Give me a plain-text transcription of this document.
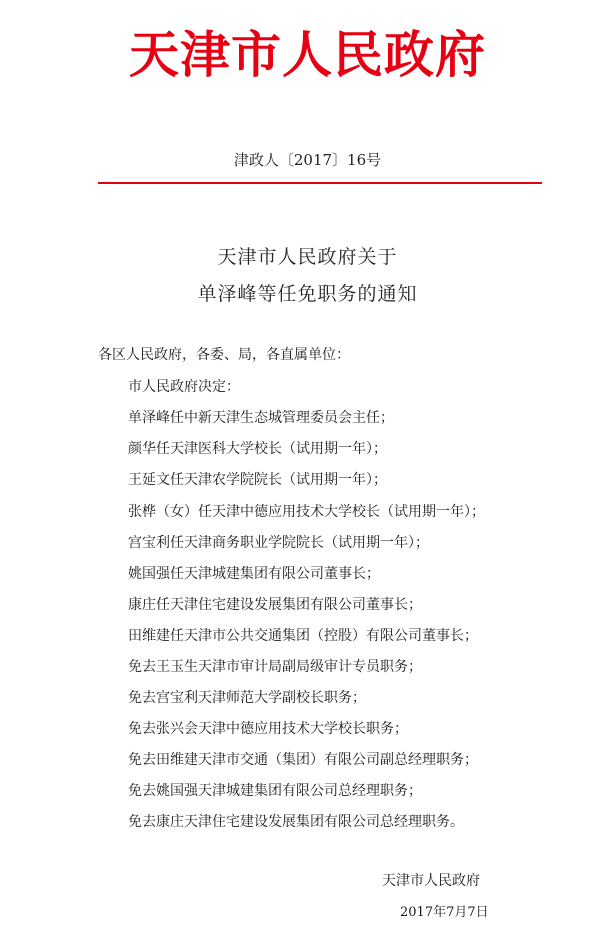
天津市人民政府
津政人〔2017〕16号
天津市人民政府关于
单泽峰等任免职务的通知
各区人民政府，各委、局，各直属单位：
市人民政府决定：
单泽峰任中新天津生态城管理委员会主任；
颜华任天津医科大学校长（试用期一年）；
王延文任天津农学院院长（试用期一年）；
张桦（女）任天津中德应用技术大学校长（试用期一年）；
宫宝利任天津商务职业学院院长（试用期一年）；
姚国强任天津城建集团有限公司董事长；
康庄任天津住宅建设发展集团有限公司董事长；
田维建任天津市公共交通集团（控股）有限公司董事长；
免去王玉生天津市审计局副局级审计专员职务；
免去宫宝利天津师范大学副校长职务；
免去张兴会天津中德应用技术大学校长职务；
免去田维建天津市交通（集团）有限公司副总经理职务；
免去姚国强天津城建集团有限公司总经理职务；
免去康庄天津住宅建设发展集团有限公司总经理职务。
天津市人民政府
2017年7月7日
